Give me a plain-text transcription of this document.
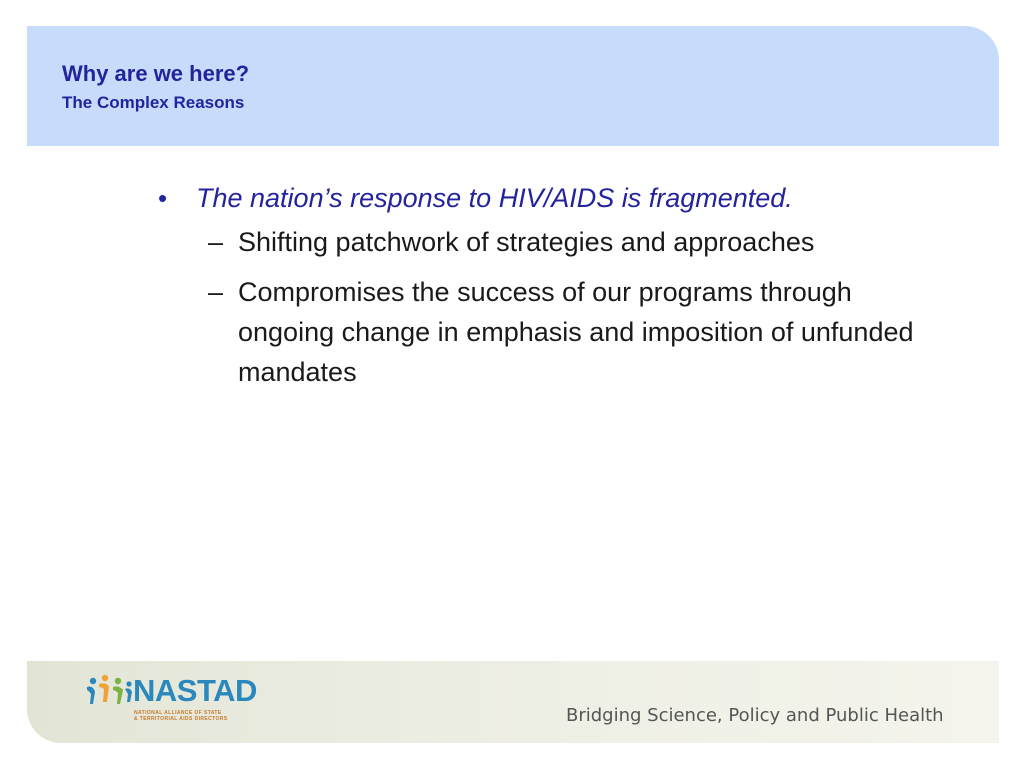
Why are we here?
The Complex Reasons
•	The nation’s response to HIV/AIDS is fragmented.
– Shifting patchwork of strategies and approaches
– Compromises the success of our programs through ongoing change in emphasis and imposition of unfunded mandates
NASTAD
NATIONAL ALLIANCE OF STATE
& TERRITORIAL AIDS DIRECTORS	Bridging Science, Policy and Public Health
